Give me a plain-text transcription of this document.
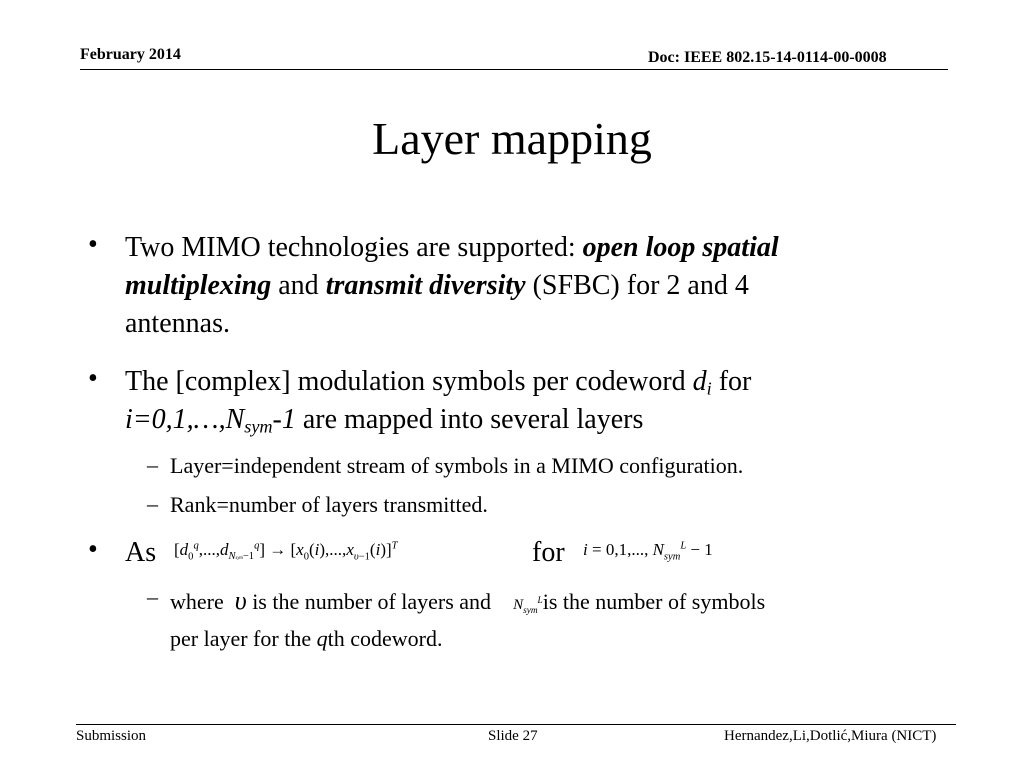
February 2014	Doc: IEEE 802.15-14-0114-00-0008
Layer mapping
• Two MIMO technologies are supported: open loop spatial
multiplexing and transmit diversity (SFBC) for 2 and 4
antennas.
• The [complex] modulation symbols per codeword $d_i$ for
$i=0,1,\dots,N_{sym}-1$ are mapped into several layers
– Layer=independent stream of symbols in a MIMO configuration.
– Rank=number of layers transmitted.
• As $[d_0^q,...,d_{Nsym-1}^q] \to [x_0(i),...,x_{\upsilon-1}(i)]^T$	for i = 0,1,..., $N_{sym}^L - 1$
– where υ is the number of layers and $N_{sym}^Lis$ the number of symbols
per layer for the qth codeword.
Submission	Slide 27	Hernandez,Li,Dotlić,Miura (NICT)
